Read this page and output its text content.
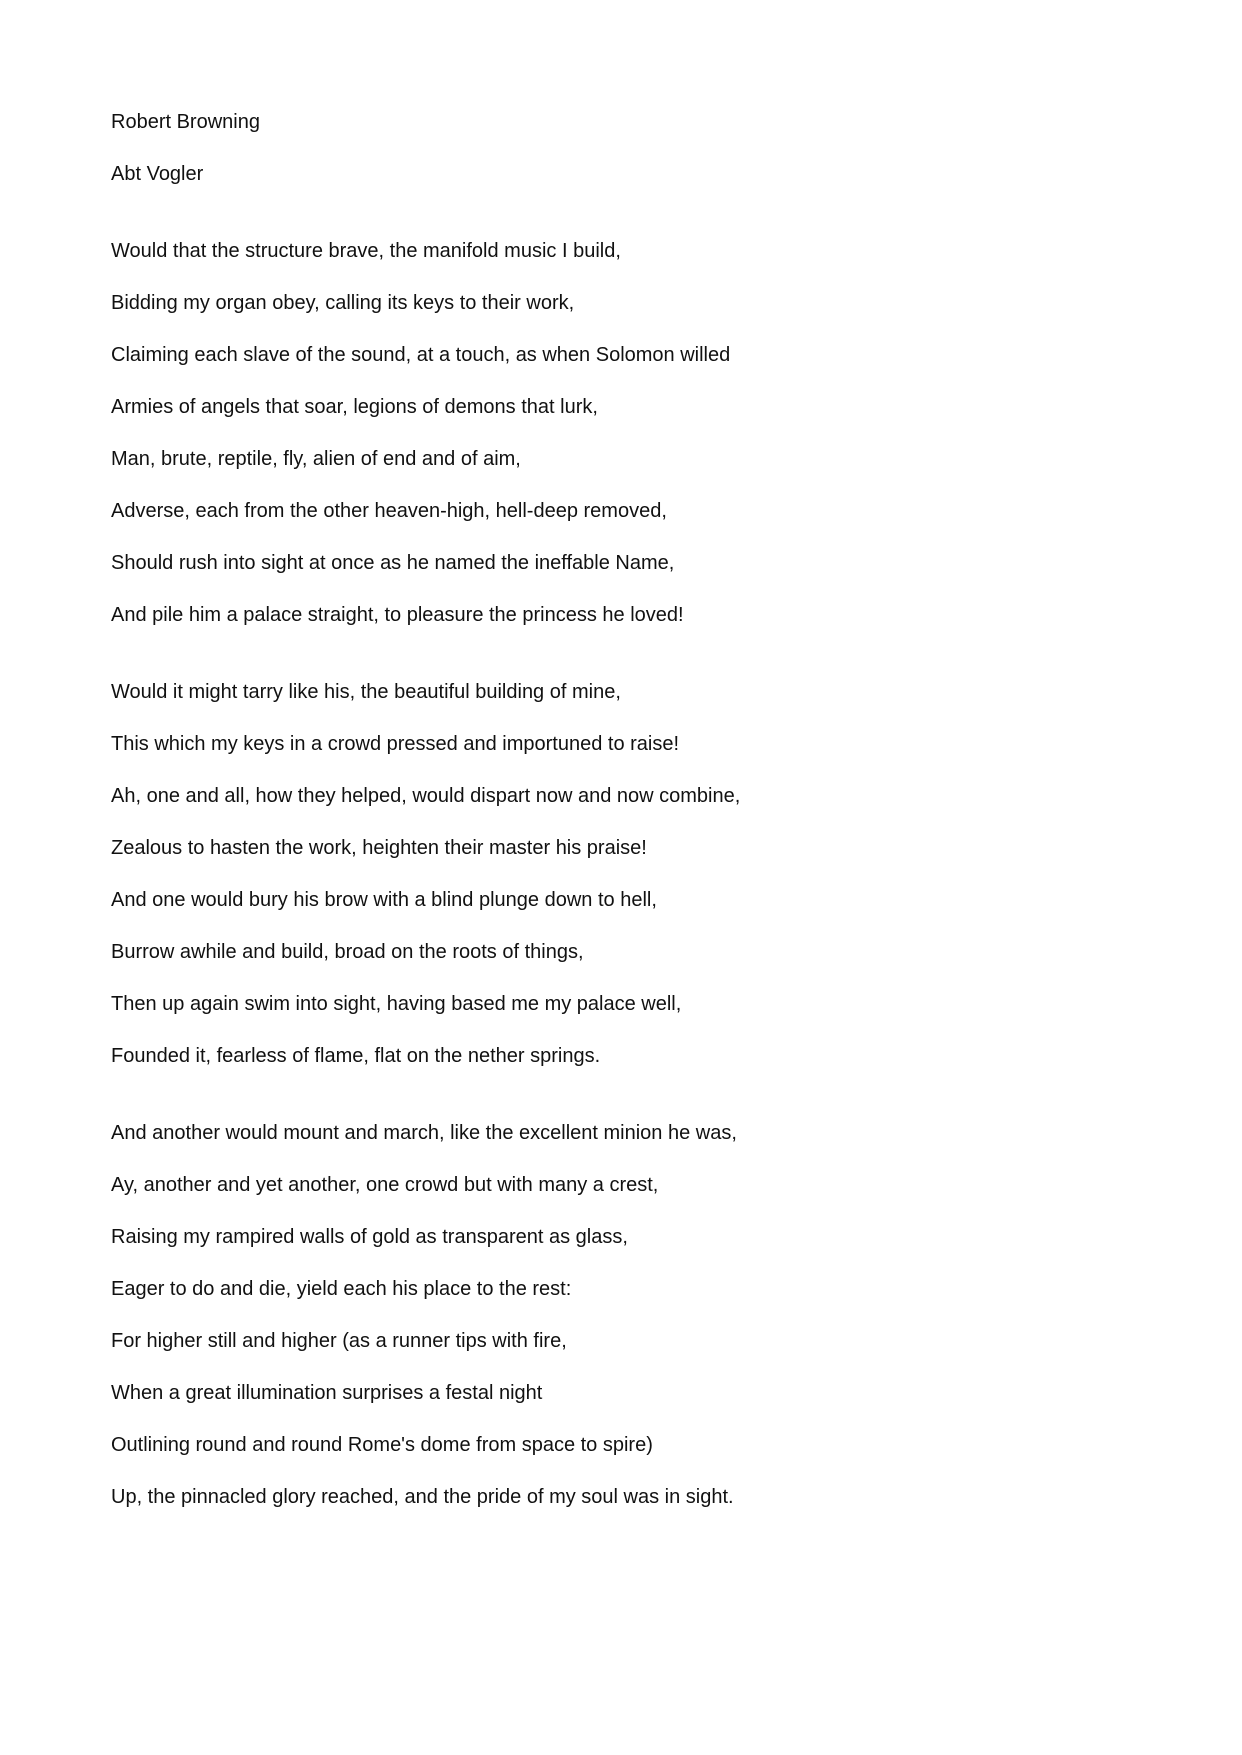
Robert Browning
Abt Vogler
Would that the structure brave, the manifold music I build,
Bidding my organ obey, calling its keys to their work,
Claiming each slave of the sound, at a touch, as when Solomon willed
Armies of angels that soar, legions of demons that lurk,
Man, brute, reptile, fly, alien of end and of aim,
Adverse, each from the other heaven-high, hell-deep removed,
Should rush into sight at once as he named the ineffable Name,
And pile him a palace straight, to pleasure the princess he loved!
Would it might tarry like his, the beautiful building of mine,
This which my keys in a crowd pressed and importuned to raise!
Ah, one and all, how they helped, would dispart now and now combine,
Zealous to hasten the work, heighten their master his praise!
And one would bury his brow with a blind plunge down to hell,
Burrow awhile and build, broad on the roots of things,
Then up again swim into sight, having based me my palace well,
Founded it, fearless of flame, flat on the nether springs.
And another would mount and march, like the excellent minion he was,
Ay, another and yet another, one crowd but with many a crest,
Raising my rampired walls of gold as transparent as glass,
Eager to do and die, yield each his place to the rest:
For higher still and higher (as a runner tips with fire,
When a great illumination surprises a festal night
Outlining round and round Rome's dome from space to spire)
Up, the pinnacled glory reached, and the pride of my soul was in sight.
